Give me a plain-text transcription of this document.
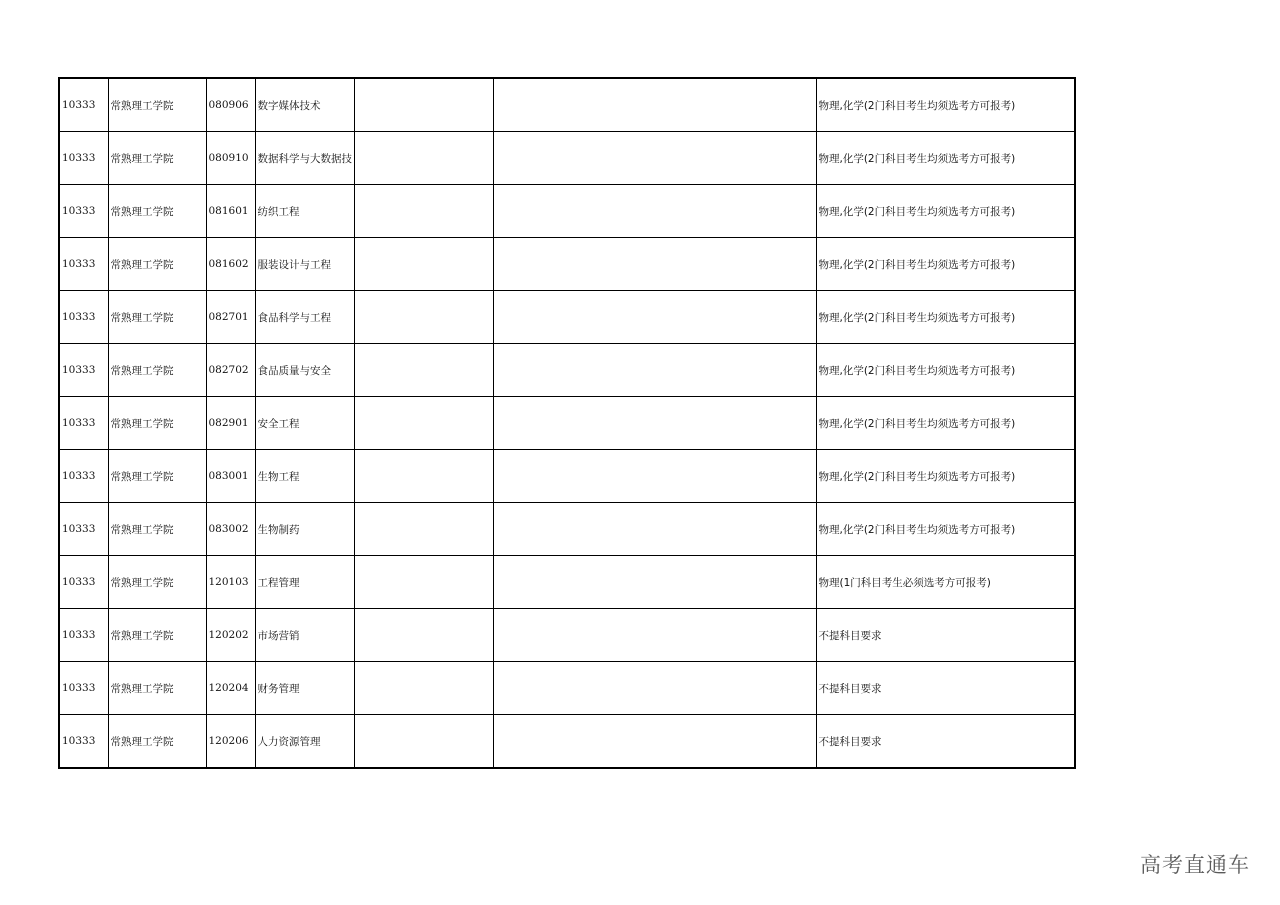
10333	常熟理工学院	080906	数字媒体技术			物理,化学(2门科目考生均须选考方可报考)
10333	常熟理工学院	080910	数据科学与大数据技			物理,化学(2门科目考生均须选考方可报考)
10333	常熟理工学院	081601	纺织工程			物理,化学(2门科目考生均须选考方可报考)
10333	常熟理工学院	081602	服装设计与工程			物理,化学(2门科目考生均须选考方可报考)
10333	常熟理工学院	082701	食品科学与工程			物理,化学(2门科目考生均须选考方可报考)
10333	常熟理工学院	082702	食品质量与安全			物理,化学(2门科目考生均须选考方可报考)
10333	常熟理工学院	082901	安全工程			物理,化学(2门科目考生均须选考方可报考)
10333	常熟理工学院	083001	生物工程			物理,化学(2门科目考生均须选考方可报考)
10333	常熟理工学院	083002	生物制药			物理,化学(2门科目考生均须选考方可报考)
10333	常熟理工学院	120103	工程管理			物理(1门科目考生必须选考方可报考)
10333	常熟理工学院	120202	市场营销			不提科目要求
10333	常熟理工学院	120204	财务管理			不提科目要求
10333	常熟理工学院	120206	人力资源管理			不提科目要求
高考直通车
